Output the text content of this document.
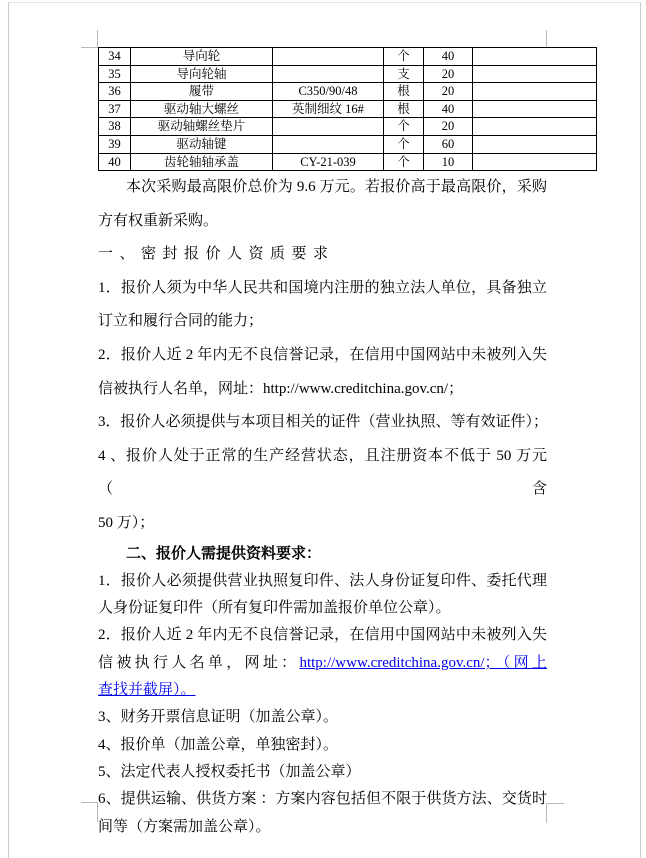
34	导向轮		个	40	
35	导向轮轴		支	20	
36	履带	C350/90/48	根	20	
37	驱动轴大螺丝	英制细纹 16#	根	40	
38	驱动轴螺丝垫片		个	20	
39	驱动轴键		个	60	
40	齿轮轴轴承盖	CY-21-039	个	10	
本次采购最高限价总价为 9.6 万元。若报价高于最高限价，采购
方有权重新采购。
一、密封报价人资质要求
1．报价人须为中华人民共和国境内注册的独立法人单位，具备独立
订立和履行合同的能力；
2．报价人近 2 年内无不良信誉记录，在信用中国网站中未被列入失
信被执行人名单，网址：http://www.creditchina.gov.cn/；
3．报价人必须提供与本项目相关的证件（营业执照、等有效证件）；
4 、报价人处于正常的生产经营状态，且注册资本不低于 50 万元（含
50 万）；
二、报价人需提供资料要求：
1．报价人必须提供营业执照复印件、法人身份证复印件、委托代理
人身份证复印件（所有复印件需加盖报价单位公章）。
2．报价人近 2 年内无不良信誉记录，在信用中国网站中未被列入失
信被执行人名单，网址：http://www.creditchina.gov.cn/；（网上
查找并截屏）。
3、财务开票信息证明（加盖公章）。
4、报价单（加盖公章，单独密封）。
5、法定代表人授权委托书（加盖公章）
6、提供运输、供货方案 ：方案内容包括但不限于供货方法、交货时
间等（方案需加盖公章）。
